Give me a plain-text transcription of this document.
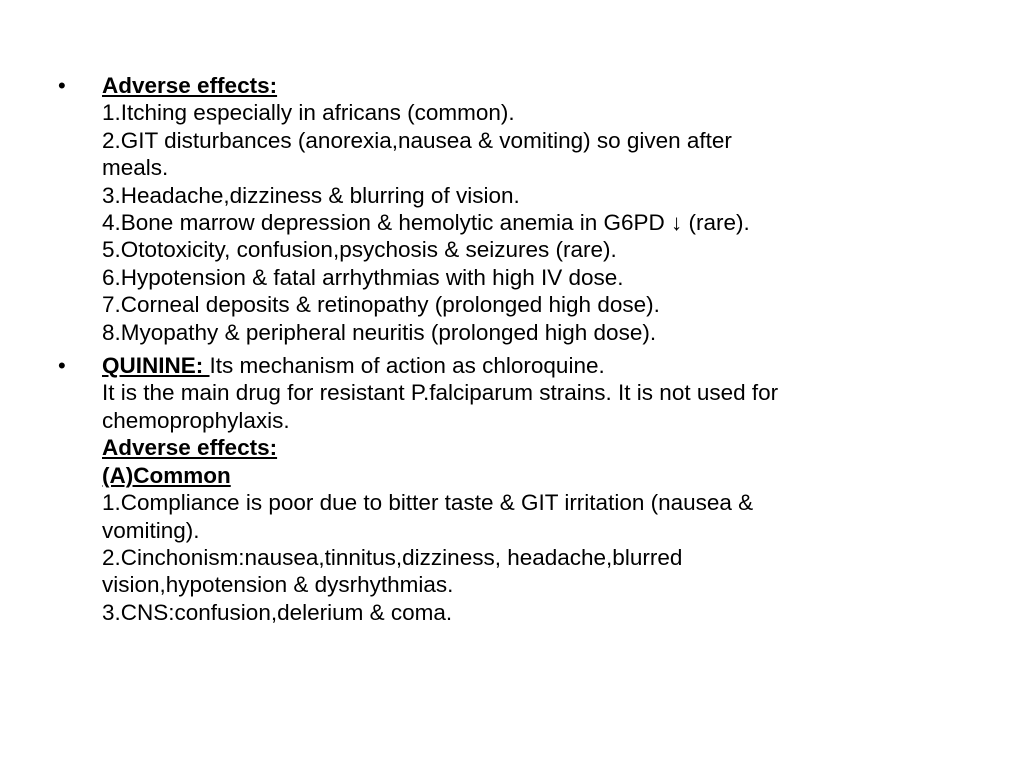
• Adverse effects:
1.Itching especially in africans (common).
2.GIT disturbances (anorexia,nausea & vomiting) so given after
meals.
3.Headache,dizziness & blurring of vision.
4.Bone marrow depression & hemolytic anemia in G6PD ↓ (rare).
5.Ototoxicity, confusion,psychosis & seizures (rare).
6.Hypotension & fatal arrhythmias with high IV dose.
7.Corneal deposits & retinopathy (prolonged high dose).
8.Myopathy & peripheral neuritis (prolonged high dose).
• QUININE: Its mechanism of action as chloroquine.
It is the main drug for resistant P.falciparum strains. It is not used for
chemoprophylaxis.
Adverse effects:
(A)Common
1.Compliance is poor due to bitter taste & GIT irritation (nausea &
vomiting).
2.Cinchonism:nausea,tinnitus,dizziness, headache,blurred
vision,hypotension & dysrhythmias.
3.CNS:confusion,delerium & coma.
